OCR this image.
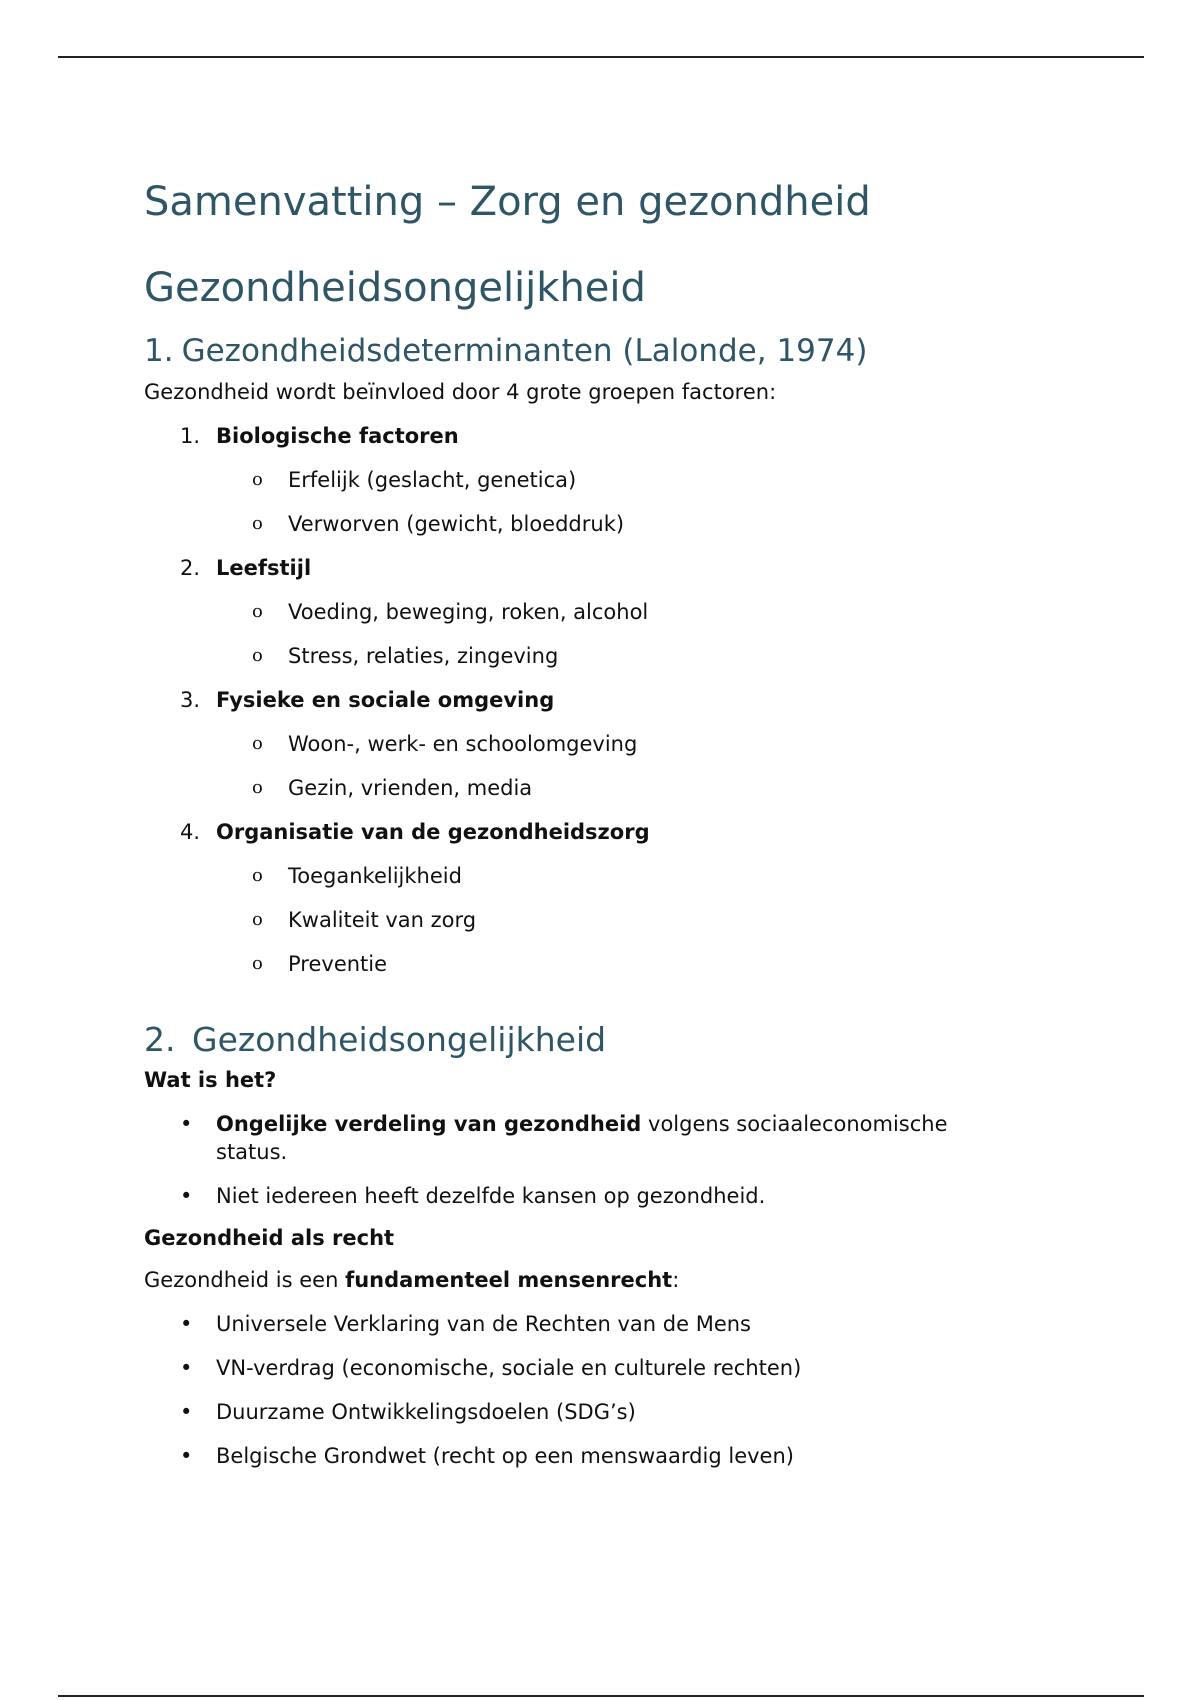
Samenvatting – Zorg en gezondheid
Gezondheidsongelijkheid
1. Gezondheidsdeterminanten (Lalonde, 1974)

Gezondheid wordt beïnvloed door 4 grote groepen factoren:

1. Biologische factoren
o	Erfelijk (geslacht, genetica)
o	Verworven (gewicht, bloeddruk)
2. Leefstijl
o	Voeding, beweging, roken, alcohol
o	Stress, relaties, zingeving
3. Fysieke en sociale omgeving
o	Woon-, werk- en schoolomgeving
o	Gezin, vrienden, media
4. Organisatie van de gezondheidszorg
o	Toegankelijkheid
o	Kwaliteit van zorg
o	Preventie
2. Gezondheidsongelijkheid

Wat is het?

•	Ongelijke verdeling van gezondheid volgens sociaaleconomische status.
•	Niet iedereen heeft dezelfde kansen op gezondheid.

Gezondheid als recht

Gezondheid is een fundamenteel mensenrecht:

•	Universele Verklaring van de Rechten van de Mens
•	VN-verdrag (economische, sociale en culturele rechten)
•	Duurzame Ontwikkelingsdoelen (SDG’s)
•	Belgische Grondwet (recht op een menswaardig leven)
